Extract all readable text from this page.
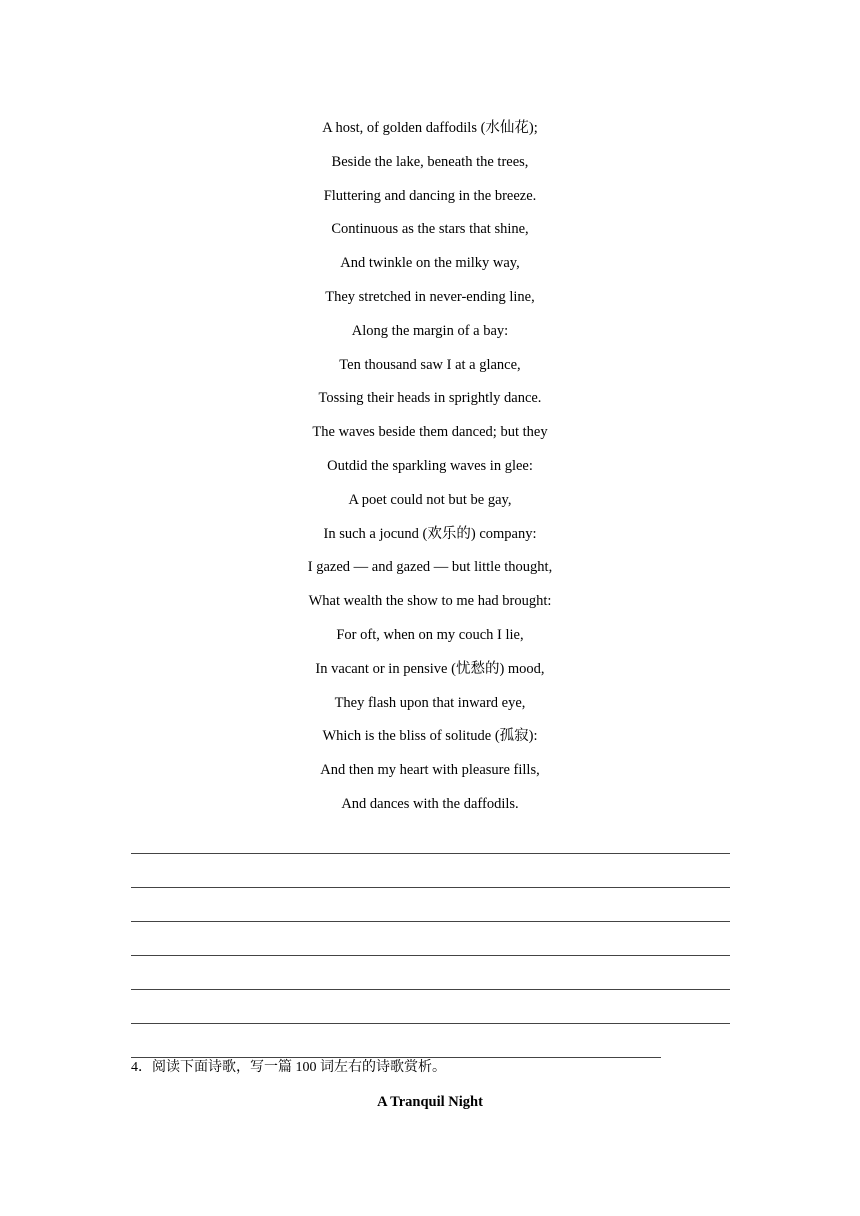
A host, of golden daffodils (水仙花);
Beside the lake, beneath the trees,
Fluttering and dancing in the breeze.
Continuous as the stars that shine,
And twinkle on the milky way,
They stretched in never-ending line,
Along the margin of a bay:
Ten thousand saw I at a glance,
Tossing their heads in sprightly dance.
The waves beside them danced; but they
Outdid the sparkling waves in glee:
A poet could not but be gay,
In such a jocund (欢乐的) company:
I gazed — and gazed — but little thought,
What wealth the show to me had brought:
For oft, when on my couch I lie,
In vacant or in pensive (忧愁的) mood,
They flash upon that inward eye,
Which is the bliss of solitude (孤寂):
And then my heart with pleasure fills,
And dances with the daffodils.
4．阅读下面诗歌，写一篇 100 词左右的诗歌赏析。
A Tranquil Night
